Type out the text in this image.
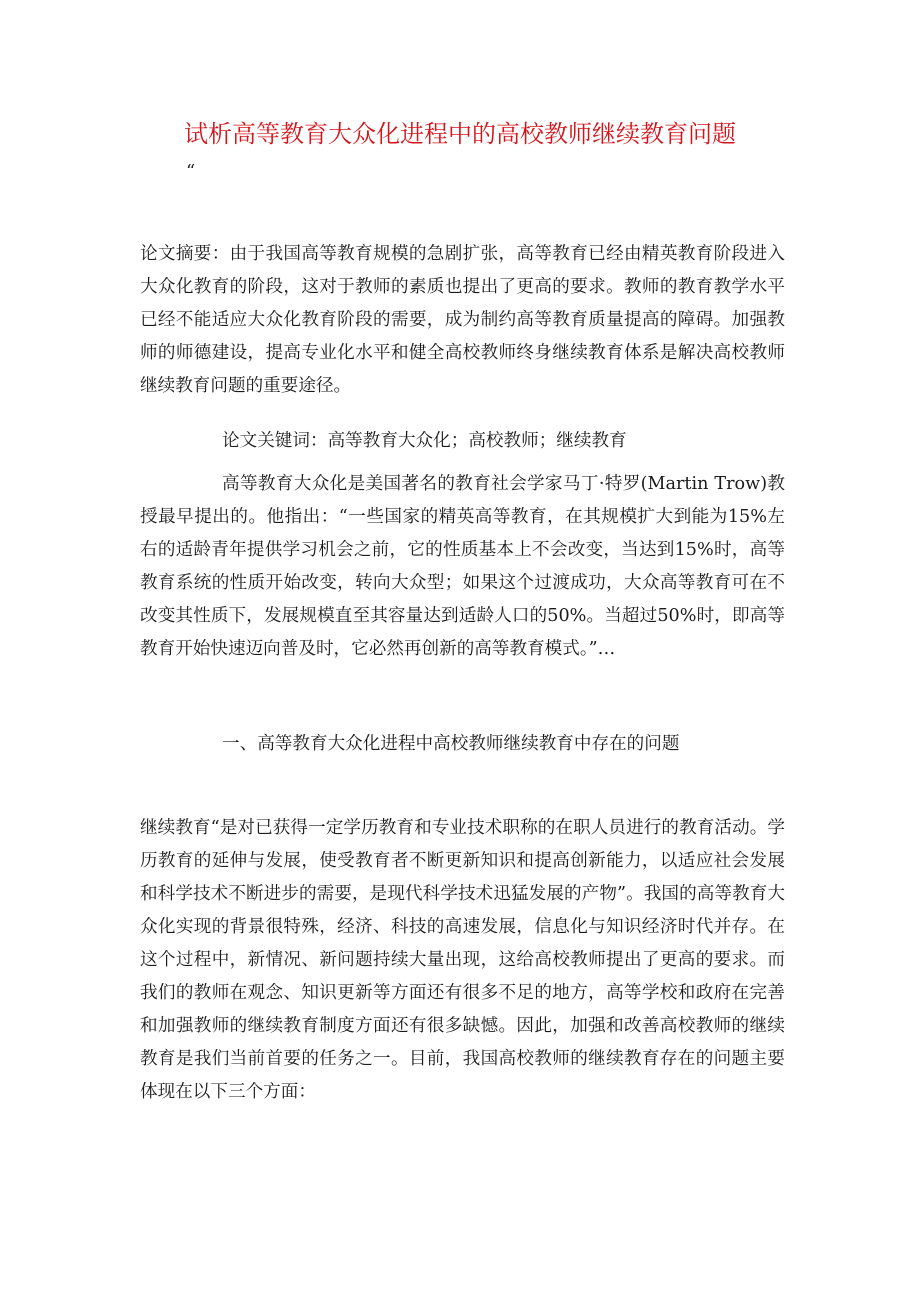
试析高等教育大众化进程中的高校教师继续教育问题
“

论文摘要：由于我国高等教育规模的急剧扩张，高等教育已经由精英教育阶段进入大众化教育的阶段，这对于教师的素质也提出了更高的要求。教师的教育教学水平已经不能适应大众化教育阶段的需要，成为制约高等教育质量提高的障碍。加强教师的师德建设，提高专业化水平和健全高校教师终身继续教育体系是解决高校教师继续教育问题的重要途径。

论文关键词：高等教育大众化；高校教师；继续教育

高等教育大众化是美国著名的教育社会学家马丁·特罗(Martin Trow)教授最早提出的。他指出：“一些国家的精英高等教育，在其规模扩大到能为15%左右的适龄青年提供学习机会之前，它的性质基本上不会改变，当达到15%时，高等教育系统的性质开始改变，转向大众型；如果这个过渡成功，大众高等教育可在不改变其性质下，发展规模直至其容量达到适龄人口的50%。当超过50%时，即高等教育开始快速迈向普及时，它必然再创新的高等教育模式。”…

一、高等教育大众化进程中高校教师继续教育中存在的问题

继续教育“是对已获得一定学历教育和专业技术职称的在职人员进行的教育活动。学历教育的延伸与发展，使受教育者不断更新知识和提高创新能力，以适应社会发展和科学技术不断进步的需要，是现代科学技术迅猛发展的产物”。我国的高等教育大众化实现的背景很特殊，经济、科技的高速发展，信息化与知识经济时代并存。在这个过程中，新情况、新问题持续大量出现，这给高校教师提出了更高的要求。而我们的教师在观念、知识更新等方面还有很多不足的地方，高等学校和政府在完善和加强教师的继续教育制度方面还有很多缺憾。因此，加强和改善高校教师的继续教育是我们当前首要的任务之一。目前，我国高校教师的继续教育存在的问题主要体现在以下三个方面：
